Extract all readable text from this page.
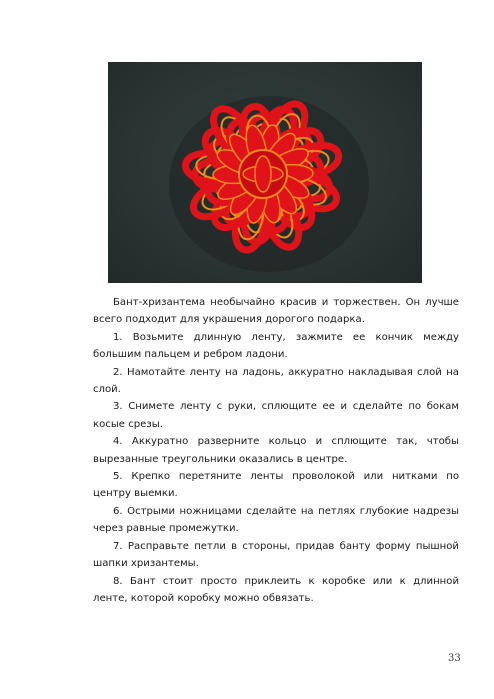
Бант-хризантема необычайно красив и торжествен. Он лучше всего подходит для украшения дорогого подарка.

1. Возьмите длинную ленту, зажмите ее кончик между большим пальцем и ребром ладони.

2. Намотайте ленту на ладонь, аккуратно накладывая слой на слой.

3. Снимете ленту с руки, сплющите ее и сделайте по бокам косые срезы.

4. Аккуратно разверните кольцо и сплющите так, чтобы вырезанные треугольники оказались в центре.

5. Крепко перетяните ленты проволокой или нитками по центру выемки.

6. Острыми ножницами сделайте на петлях глубокие надрезы через равные промежутки.

7. Расправьте петли в стороны, придав банту форму пышной шапки хризантемы.

8. Бант стоит просто приклеить к коробке или к длинной ленте, которой коробку можно обвязать.

33
